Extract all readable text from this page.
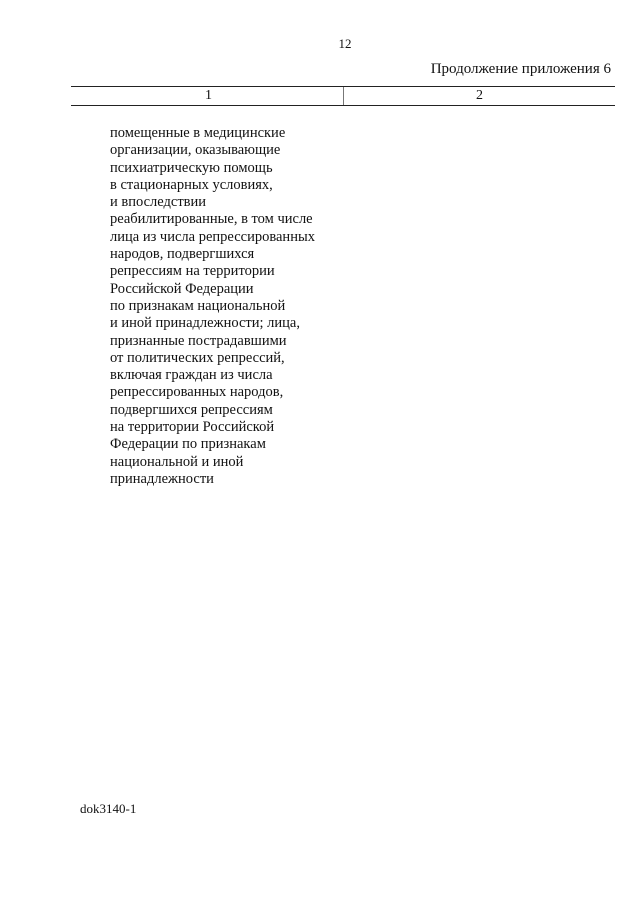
12
Продолжение приложения 6
1	2
помещенные в медицинские
организации, оказывающие
психиатрическую помощь
в стационарных условиях,
и впоследствии
реабилитированные, в том числе
лица из числа репрессированных
народов, подвергшихся
репрессиям на территории
Российской Федерации
по признакам национальной
и иной принадлежности; лица,
признанные пострадавшими
от политических репрессий,
включая граждан из числа
репрессированных народов,
подвергшихся репрессиям
на территории Российской
Федерации по признакам
национальной и иной
принадлежности
dok3140-1
